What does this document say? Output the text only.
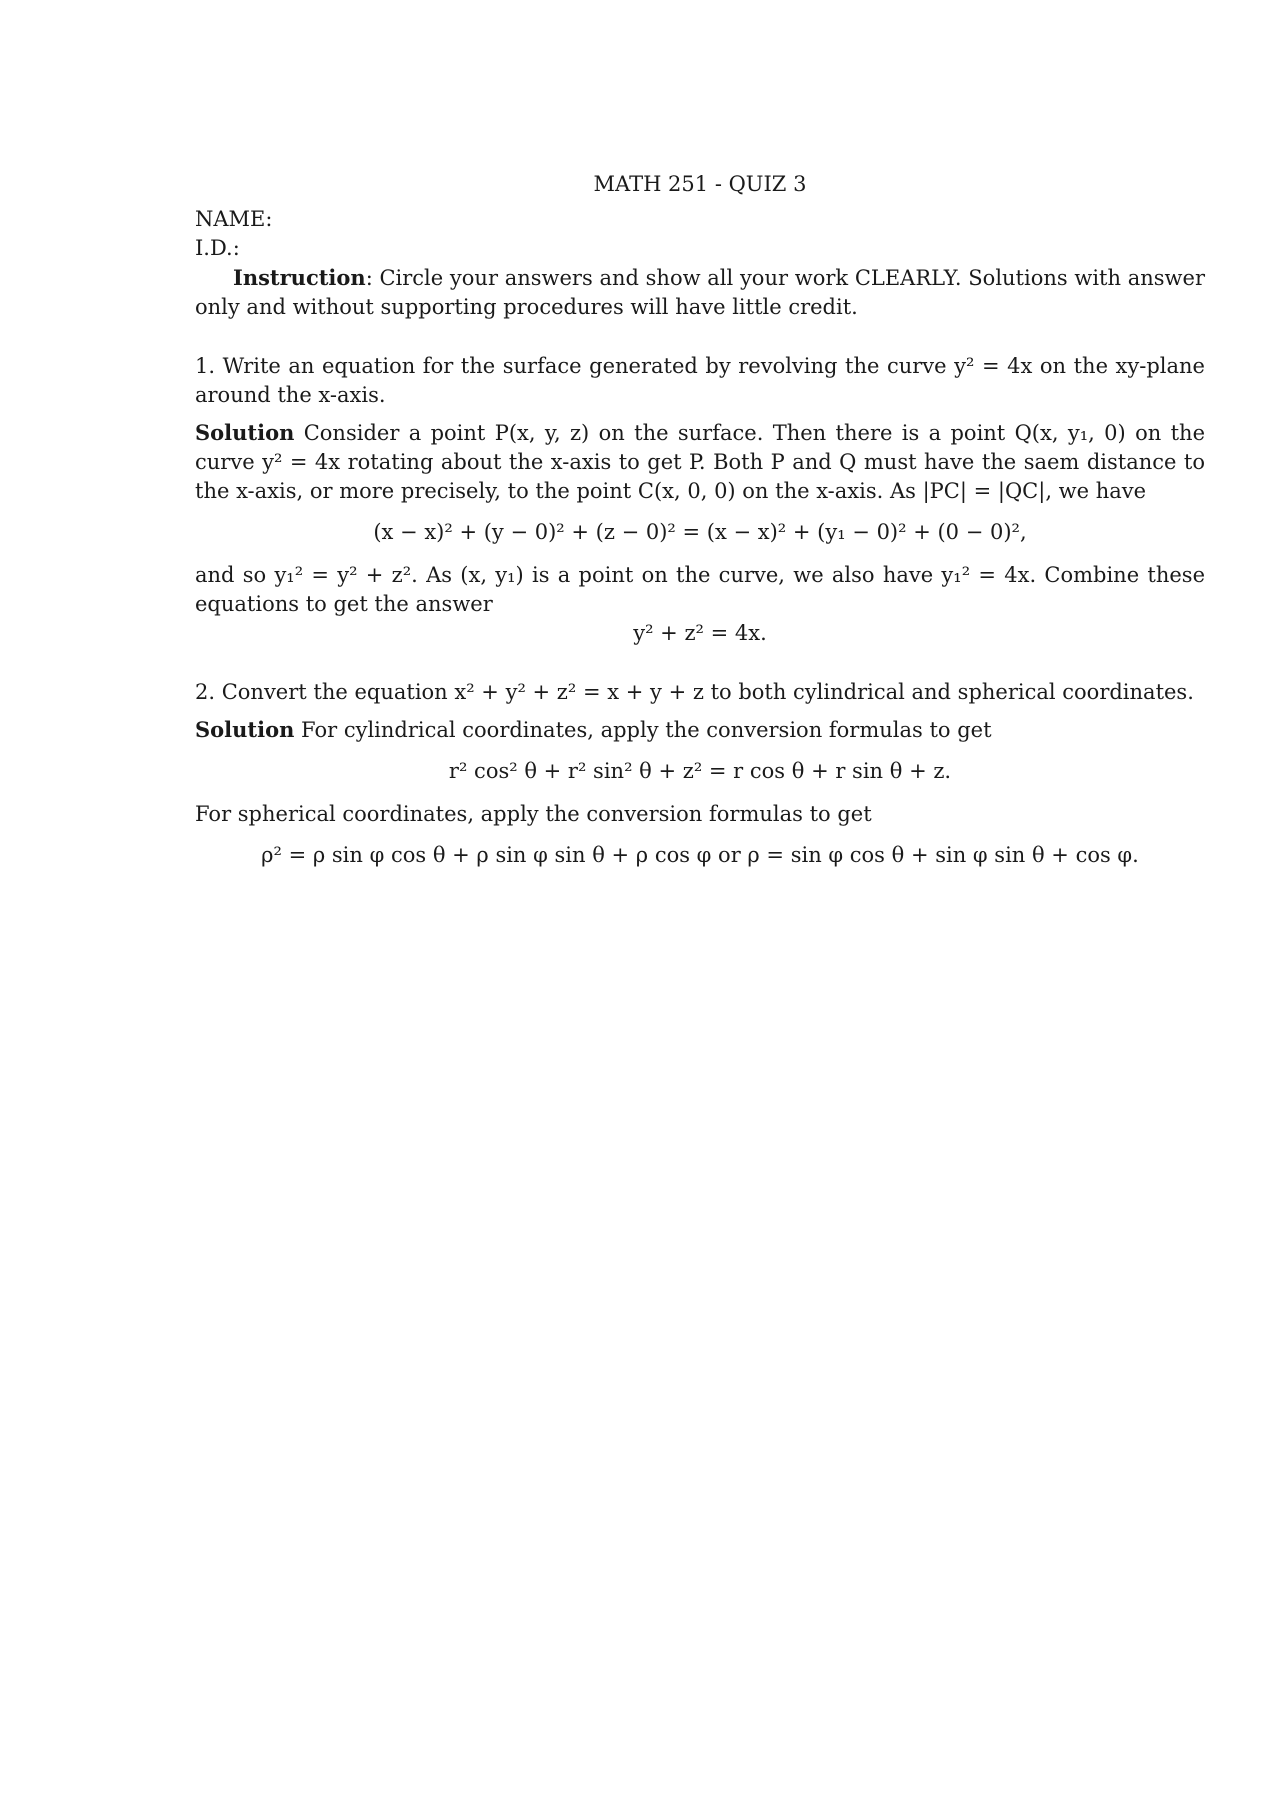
MATH 251 - QUIZ 3

NAME:

I.D.:

Instruction: Circle your answers and show all your work CLEARLY. Solutions with answer only and without supporting procedures will have little credit.

1. Write an equation for the surface generated by revolving the curve y² = 4x on the xy-plane around the x-axis.

Solution Consider a point P(x, y, z) on the surface. Then there is a point Q(x, y₁, 0) on the curve y² = 4x rotating about the x-axis to get P. Both P and Q must have the saem distance to the x-axis, or more precisely, to the point C(x, 0, 0) on the x-axis. As |PC| = |QC|, we have

(x − x)² + (y − 0)² + (z − 0)² = (x − x)² + (y₁ − 0)² + (0 − 0)²,

and so y₁² = y² + z². As (x, y₁) is a point on the curve, we also have y₁² = 4x. Combine these equations to get the answer

y² + z² = 4x.

2. Convert the equation x² + y² + z² = x + y + z to both cylindrical and spherical coordinates.

Solution For cylindrical coordinates, apply the conversion formulas to get

r² cos² θ + r² sin² θ + z² = r cos θ + r sin θ + z.

For spherical coordinates, apply the conversion formulas to get

ρ² = ρ sin φ cos θ + ρ sin φ sin θ + ρ cos φ or ρ = sin φ cos θ + sin φ sin θ + cos φ.
